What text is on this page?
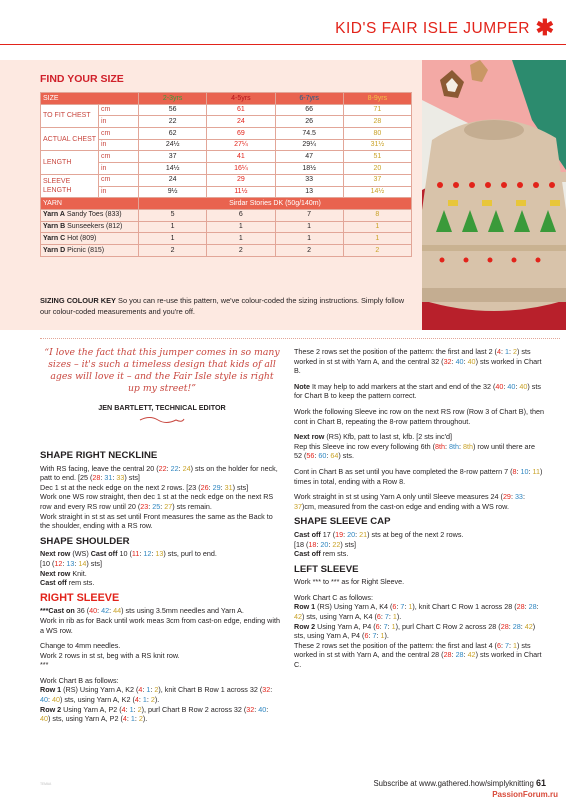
KID'S FAIR ISLE JUMPER ✱
FIND YOUR SIZE
SIZE		2-3yrs	4-5yrs	6-7yrs	8-9yrs
TO FIT CHEST	cm	56	61	66	71
	in	22	24	26	28
ACTUAL CHEST	cm	62	69	74.5	80
	in	24½	27¼	29¼	31½
LENGTH	cm	37	41	47	51
	in	14½	16¼	18½	20
SLEEVE LENGTH	cm	24	29	33	37
	in	9½	11½	13	14½
YARN		Sirdar Stories DK (50g/140m)			
Yarn A Sandy Toes (833)		5	6	7	8
Yarn B Sunseekers (812)		1	1	1	1
Yarn C Hot (809)		1	1	1	1
Yarn D Picnic (815)		2	2	2	2
SIZING COLOUR KEY So you can re-use this pattern, we've colour-coded the sizing instructions. Simply follow our colour-coded measurements and you're off.
“I love the fact that this jumper comes in so many sizes – it's such a timeless design that kids of all ages will love it – and the Fair Isle style is right up my street!”
JEN BARTLETT, TECHNICAL EDITOR
SHAPE RIGHT NECKLINE

With RS facing, leave the central 20 (22: 22: 24) sts on the holder for neck, patt to end. [25 (28: 31: 33) sts]
Dec 1 st at the neck edge on the next 2 rows. [23 (26: 29: 31) sts]
Work one WS row straight, then dec 1 st at the neck edge on the next RS row and every RS row until 20 (23: 25: 27) sts remain.
Work straight in st st as set until Front measures the same as the Back to the shoulder, ending with a RS row.

SHAPE SHOULDER

Next row (WS) Cast off 10 (11: 12: 13) sts, purl to end.
[10 (12: 13: 14) sts]
Next row Knit.
Cast off rem sts.

RIGHT SLEEVE

***Cast on 36 (40: 42: 44) sts using 3.5mm needles and Yarn A.
Work in rib as for Back until work meas 3cm from cast-on edge, ending with a WS row.

Change to 4mm needles.
Work 2 rows in st st, beg with a RS knit row.
***

Work Chart B as follows:
Row 1 (RS) Using Yarn A, K2 (4: 1: 2), knit Chart B Row 1 across 32 (32: 40: 40) sts, using Yarn A, K2 (4: 1: 2).
Row 2 Using Yarn A, P2 (4: 1: 2), purl Chart B Row 2 across 32 (32: 40: 40) sts, using Yarn A, P2 (4: 1: 2).

These 2 rows set the position of the pattern: the first and last 2 (4: 1: 2) sts worked in st st with Yarn A, and the central 32 (32: 40: 40) sts worked in Chart B.

Note It may help to add markers at the start and end of the 32 (40: 40: 40) sts for Chart B to keep the pattern correct.

Work the following Sleeve inc row on the next RS row (Row 3 of Chart B), then cont in Chart B, repeating the 8-row pattern throughout.

Next row (RS) Kfb, patt to last st, kfb. [2 sts inc'd]
Rep this Sleeve inc row every following 6th (8th: 8th: 8th) row until there are 52 (56: 60: 64) sts.

Cont in Chart B as set until you have completed the 8-row pattern 7 (8: 10: 11) times in total, ending with a Row 8.

Work straight in st st using Yarn A only until Sleeve measures 24 (29: 33: 37)cm, measured from the cast-on edge and ending with a WS row.

SHAPE SLEEVE CAP

Cast off 17 (19: 20: 21) sts at beg of the next 2 rows.
[18 (18: 20: 22) sts]
Cast off rem sts.

LEFT SLEEVE

Work *** to *** as for Right Sleeve.

Work Chart C as follows:
Row 1 (RS) Using Yarn A, K4 (6: 7: 1), knit Chart C Row 1 across 28 (28: 28: 42) sts, using Yarn A, K4 (6: 7: 1).
Row 2 Using Yarn A, P4 (6: 7: 1), purl Chart C Row 2 across 28 (28: 28: 42) sts, using Yarn A, P4 (6: 7: 1).
These 2 rows set the position of the pattern: the first and last 4 (6: 7: 1) sts worked in st st with Yarn A, and the central 28 (28: 28: 42) sts worked in Chart C.

ᵀᴱᴹᴬᴬ	Subscribe at www.gathered.how/simplyknitting 61
PassionForum.ru
